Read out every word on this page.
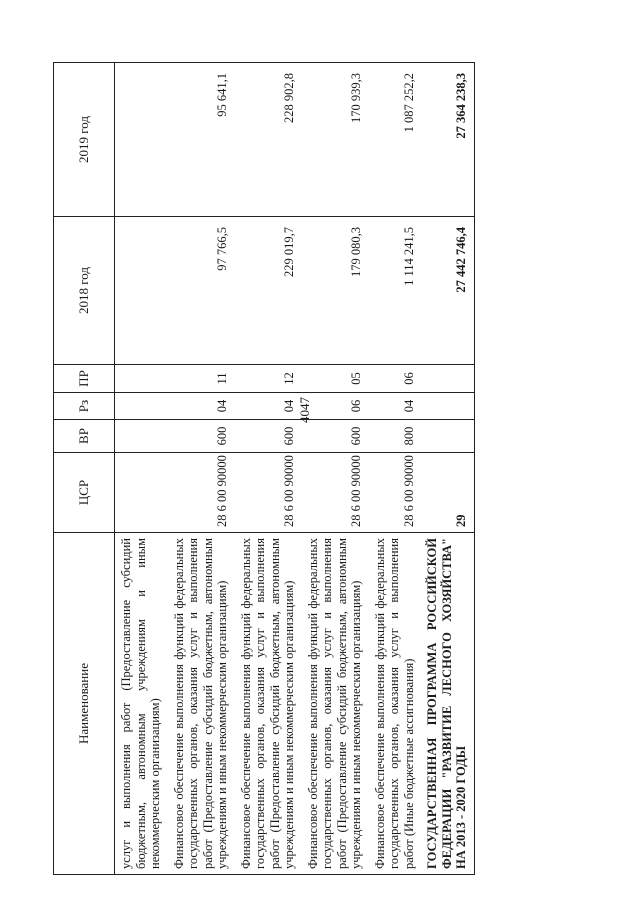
4047
Наименование	ЦСР	ВР	Рз	ПР	2018 год	2019 год
услуг и выполнения работ (Предоставление субсидий бюджетным, автономным учреждениям и иным некоммерческим организациям)						
Финансовое обеспечение выполнения функций федеральных государственных органов, оказания услуг и выполнения работ (Предоставление субсидий бюджетным, автономным учреждениям и иным некоммерческим организациям)	28 6 00 90000	600	04	11	97 766,5	95 641,1
Финансовое обеспечение выполнения функций федеральных государственных органов, оказания услуг и выполнения работ (Предоставление субсидий бюджетным, автономным учреждениям и иным некоммерческим организациям)	28 6 00 90000	600	04	12	229 019,7	228 902,8
Финансовое обеспечение выполнения функций федеральных государственных органов, оказания услуг и выполнения работ (Предоставление субсидий бюджетным, автономным учреждениям и иным некоммерческим организациям)	28 6 00 90000	600	06	05	179 080,3	170 939,3
Финансовое обеспечение выполнения функций федеральных государственных органов, оказания услуг и выполнения работ (Иные бюджетные ассигнования)	28 6 00 90000	800	04	06	1 114 241,5	1 087 252,2
ГОСУДАРСТВЕННАЯ ПРОГРАММА РОССИЙСКОЙ ФЕДЕРАЦИИ "РАЗВИТИЕ ЛЕСНОГО ХОЗЯЙСТВА" НА 2013 - 2020 ГОДЫ	29				27 442 746,4	27 364 238,3
